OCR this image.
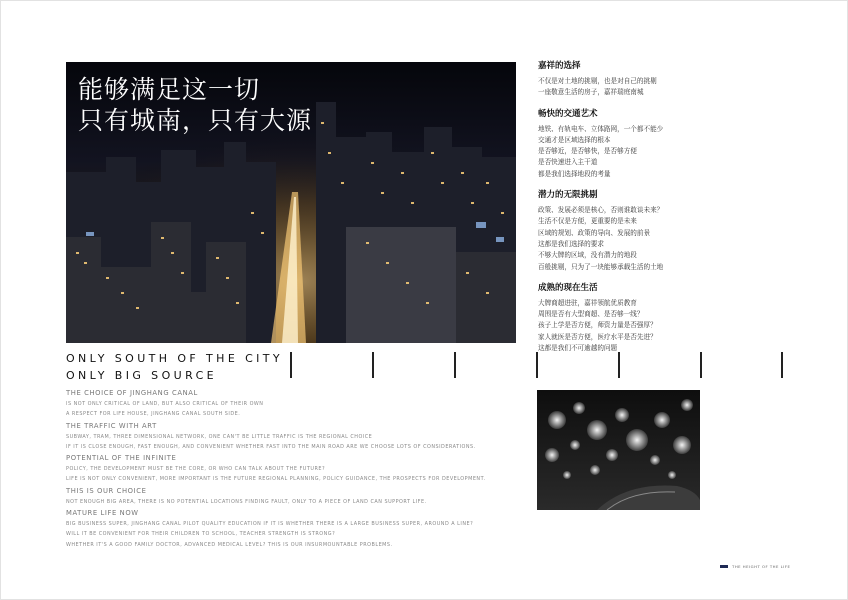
能够满足这一切
只有城南，只有大源
嘉祥的选择
不仅是对土地的挑剔，也是对自己的挑剔
一座敬意生活的房子，嘉祥瑞庭南城
畅快的交通艺术
地铁、有轨电车、立体路网，一个都不能少
交通才是区域选择的根本
是否够近，是否够快，是否够方便
是否快速进入主干道
都是我们选择地段的考量
潜力的无限挑剔
政策、发展必须是核心，否则谁敢谈未来？
生活不仅是方便，更重要的是未来
区域的规划、政策的导向、发展的前景
这都是我们选择的要求
不够大牌的区域，没有潜力的地段
百般挑剔，只为了一块能够承载生活的土地
成熟的现在生活
大牌商超进驻，嘉祥领航优质教育
周围是否有大型商超、是否够一线？
孩子上学是否方便，师资力量是否强厚？
家人就医是否方便，医疗水平是否先进？
这都是我们不可逾越的问题
ONLY SOUTH OF THE CITY
ONLY BIG SOURCE
THE CHOICE OF JINGHANG CANAL
IS NOT ONLY CRITICAL OF LAND, BUT ALSO CRITICAL OF THEIR OWN
A RESPECT FOR LIFE HOUSE, JINGHANG CANAL SOUTH SIDE.
THE TRAFFIC WITH ART
SUBWAY, TRAM, THREE DIMENSIONAL NETWORK, ONE CAN'T BE LITTLE TRAFFIC IS THE REGIONAL CHOICE
IF IT IS CLOSE ENOUGH, FAST ENOUGH, AND CONVENIENT WHETHER FAST INTO THE MAIN ROAD ARE WE CHOOSE LOTS OF CONSIDERATIONS.
POTENTIAL OF THE INFINITE
POLICY, THE DEVELOPMENT MUST BE THE CORE, OR WHO CAN TALK ABOUT THE FUTURE?
LIFE IS NOT ONLY CONVENIENT, MORE IMPORTANT IS THE FUTURE REGIONAL PLANNING, POLICY GUIDANCE, THE PROSPECTS FOR DEVELOPMENT.
THIS IS OUR CHOICE
NOT ENOUGH BIG AREA, THERE IS NO POTENTIAL LOCATIONS FINDING FAULT, ONLY TO A PIECE OF LAND CAN SUPPORT LIFE.
MATURE LIFE NOW
BIG BUSINESS SUPER, JINGHANG CANAL PILOT QUALITY EDUCATION IF IT IS WHETHER THERE IS A LARGE BUSINESS SUPER, AROUND A LINE?
WILL IT BE CONVENIENT FOR THEIR CHILDREN TO SCHOOL, TEACHER STRENGTH IS STRONG?
WHETHER IT'S A GOOD FAMILY DOCTOR, ADVANCED MEDICAL LEVEL? THIS IS OUR INSURMOUNTABLE PROBLEMS.
THE HEIGHT OF THE LIFE
